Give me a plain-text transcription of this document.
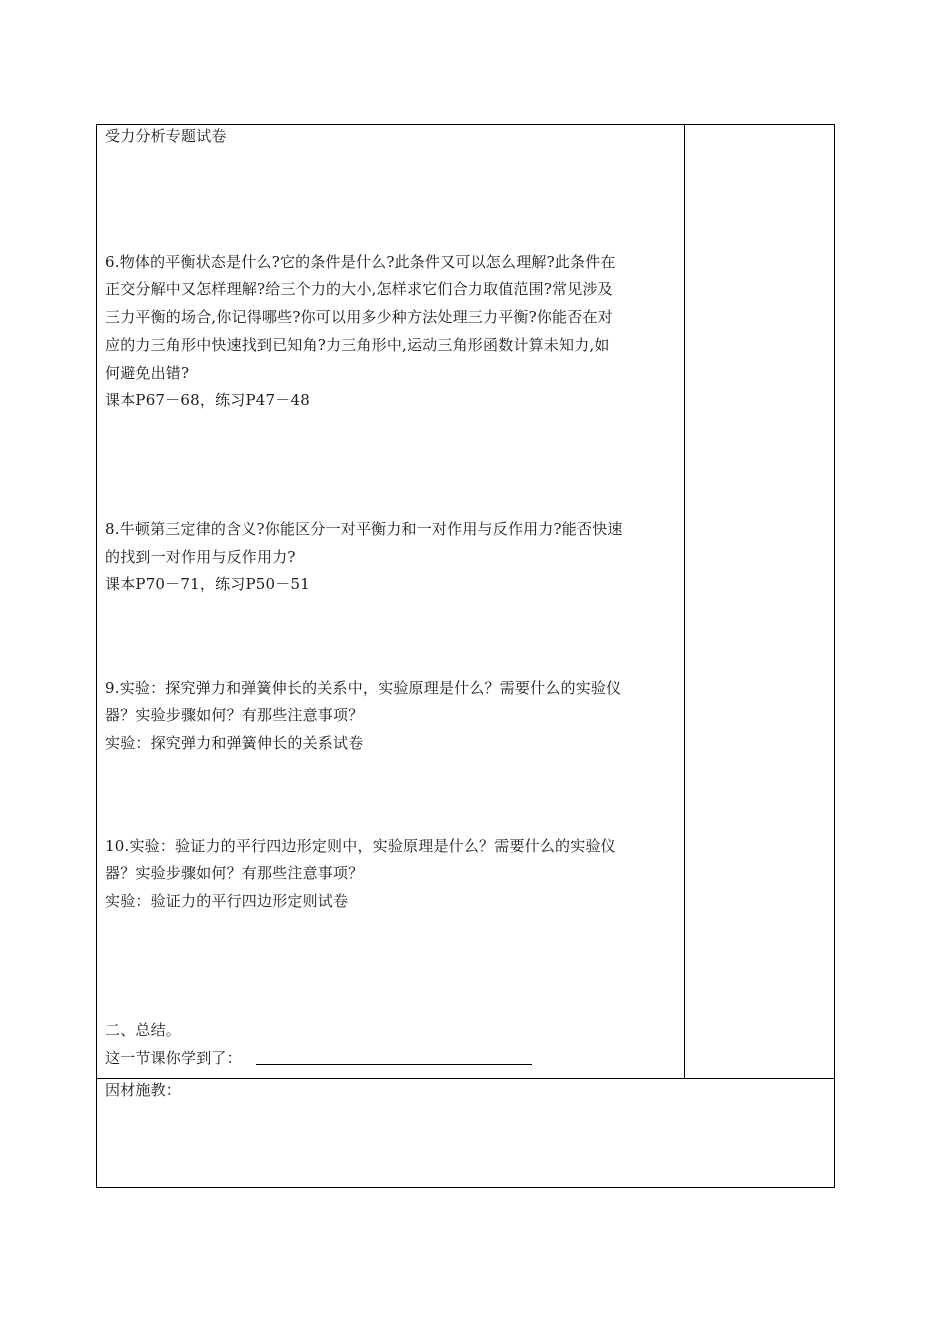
受力分析专题试卷
6.物体的平衡状态是什么?它的条件是什么?此条件又可以怎么理解?此条件在
正交分解中又怎样理解?给三个力的大小,怎样求它们合力取值范围?常见涉及
三力平衡的场合,你记得哪些?你可以用多少种方法处理三力平衡?你能否在对
应的力三角形中快速找到已知角?力三角形中,运动三角形函数计算未知力,如
何避免出错?
课本P67－68，练习P47－48
8.牛顿第三定律的含义?你能区分一对平衡力和一对作用与反作用力?能否快速
的找到一对作用与反作用力?
课本P70－71，练习P50－51
9.实验：探究弹力和弹簧伸长的关系中，实验原理是什么？需要什么的实验仪
器？实验步骤如何？有那些注意事项？
实验：探究弹力和弹簧伸长的关系试卷
10.实验：验证力的平行四边形定则中，实验原理是什么？需要什么的实验仪
器？实验步骤如何？有那些注意事项？
实验：验证力的平行四边形定则试卷
二、总结。
这一节课你学到了：
因材施教：
